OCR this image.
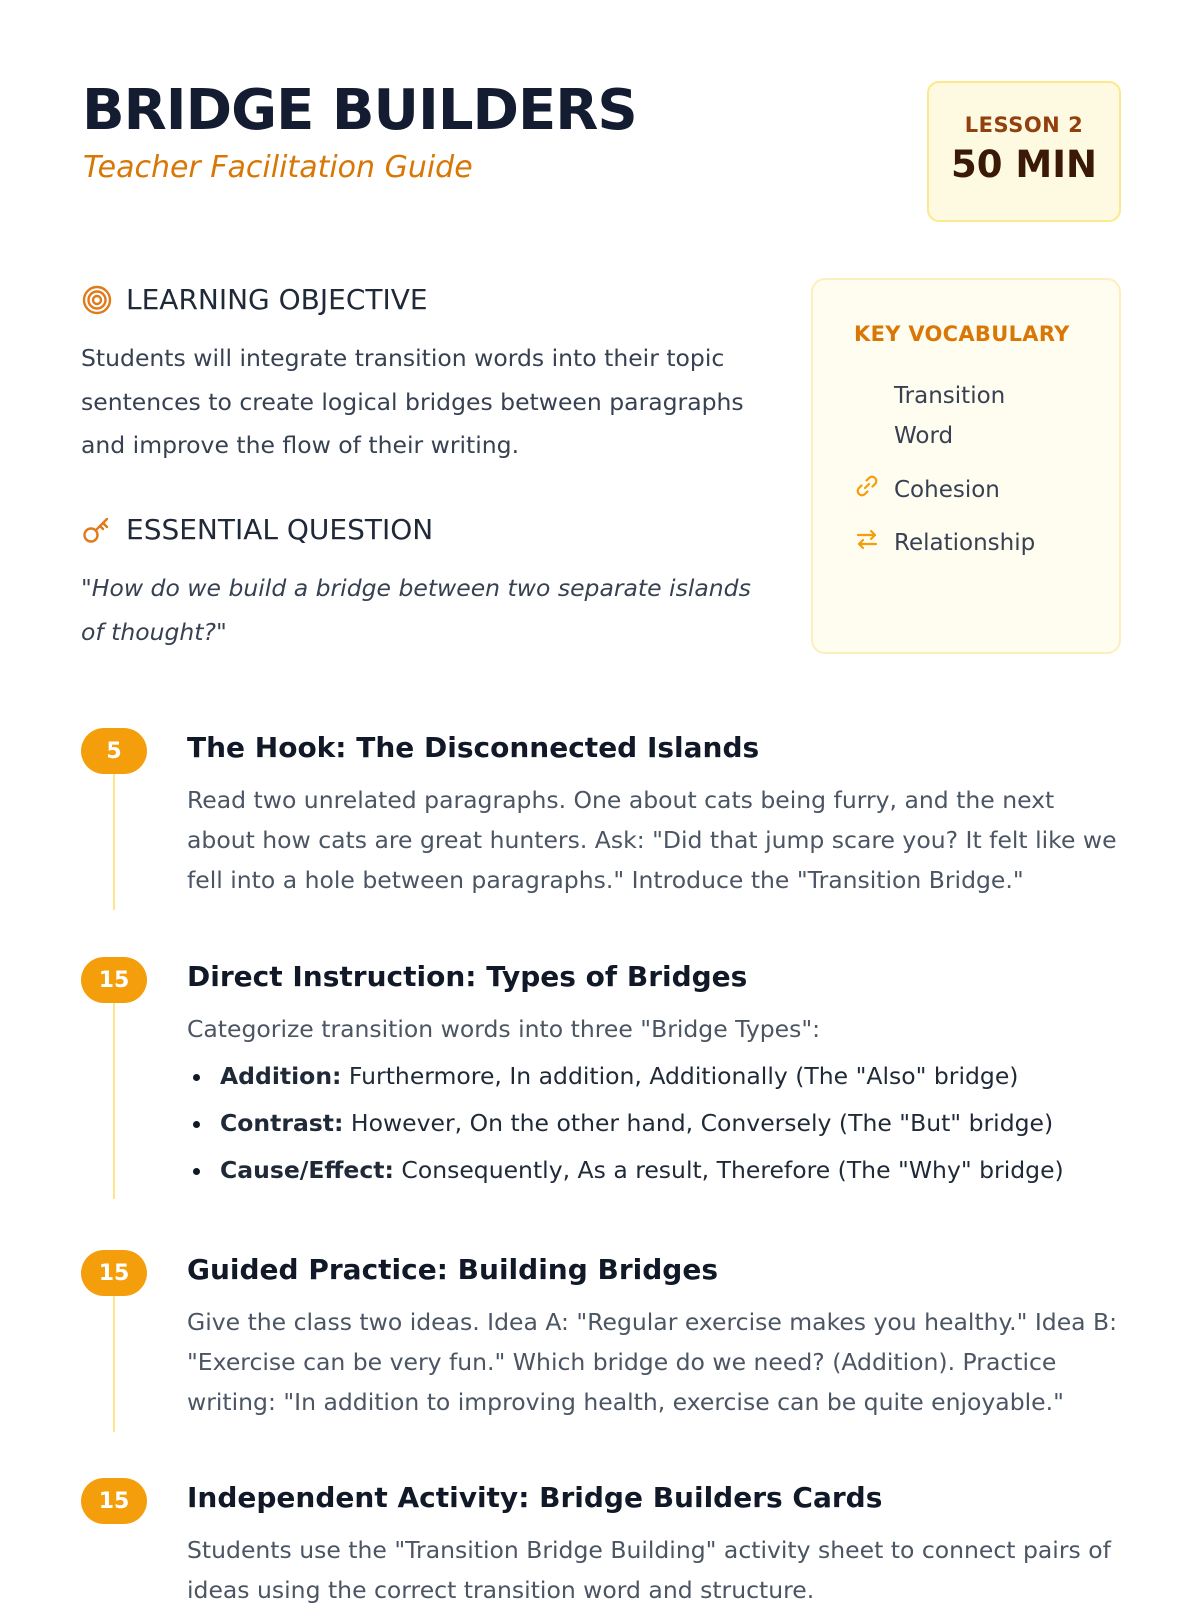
BRIDGE BUILDERS

Teacher Facilitation Guide

LESSON 2
50 MIN
LEARNING OBJECTIVE

Students will integrate transition words into their topic sentences to create logical bridges between paragraphs and improve the flow of their writing.

ESSENTIAL QUESTION

"How do we build a bridge between two separate islands of thought?"

KEY VOCABULARY
Transition Word
Cohesion
Relationship
5	The Hook: The Disconnected Islands
Read two unrelated paragraphs. One about cats being furry, and the next about how cats are great hunters. Ask: "Did that jump scare you? It felt like we fell into a hole between paragraphs." Introduce the "Transition Bridge."
15	Direct Instruction: Types of Bridges
Categorize transition words into three "Bridge Types":
Addition: Furthermore, In addition, Additionally (The "Also" bridge)
Contrast: However, On the other hand, Conversely (The "But" bridge)
Cause/Effect: Consequently, As a result, Therefore (The "Why" bridge)
15	Guided Practice: Building Bridges
Give the class two ideas. Idea A: "Regular exercise makes you healthy." Idea B: "Exercise can be very fun." Which bridge do we need? (Addition). Practice writing: "In addition to improving health, exercise can be quite enjoyable."
15	Independent Activity: Bridge Builders Cards
Students use the "Transition Bridge Building" activity sheet to connect pairs of ideas using the correct transition word and structure.
